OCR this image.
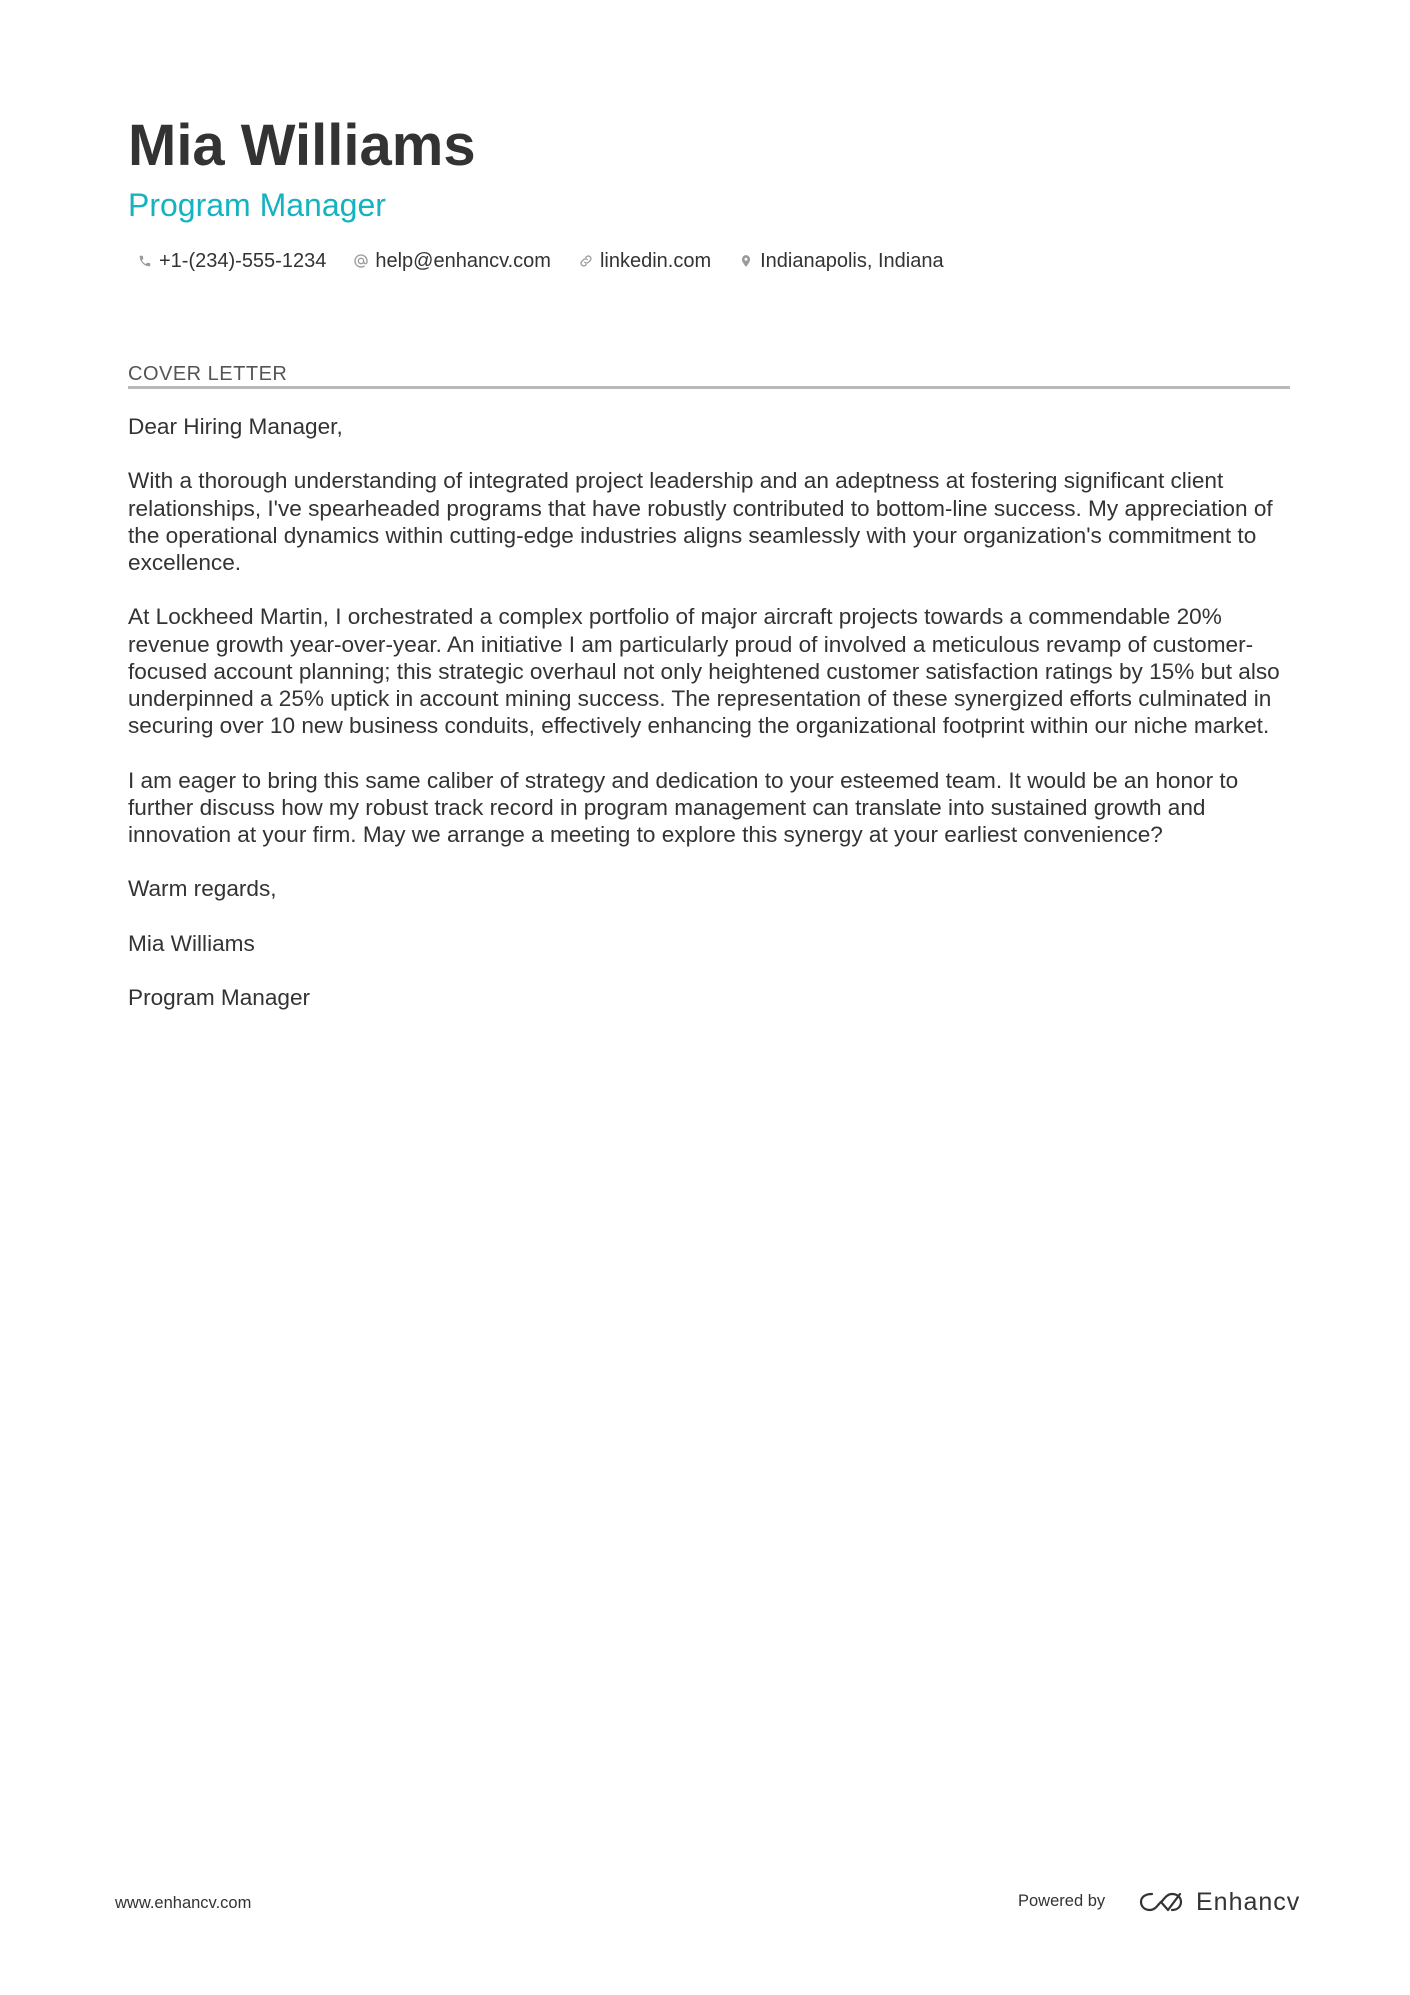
Mia Williams
Program Manager
+1-(234)-555-1234 help@enhancv.com linkedin.com Indianapolis, Indiana
COVER LETTER

Dear Hiring Manager,

With a thorough understanding of integrated project leadership and an adeptness at fostering significant client relationships, I've spearheaded programs that have robustly contributed to bottom-line success. My appreciation of the operational dynamics within cutting-edge industries aligns seamlessly with your organization's commitment to excellence.

At Lockheed Martin, I orchestrated a complex portfolio of major aircraft projects towards a commendable 20% revenue growth year-over-year. An initiative I am particularly proud of involved a meticulous revamp of customer-focused account planning; this strategic overhaul not only heightened customer satisfaction ratings by 15% but also underpinned a 25% uptick in account mining success. The representation of these synergized efforts culminated in securing over 10 new business conduits, effectively enhancing the organizational footprint within our niche market.

I am eager to bring this same caliber of strategy and dedication to your esteemed team. It would be an honor to further discuss how my robust track record in program management can translate into sustained growth and innovation at your firm. May we arrange a meeting to explore this synergy at your earliest convenience?

Warm regards,

Mia Williams

Program Manager

www.enhancv.com	Powered by	Enhancv
